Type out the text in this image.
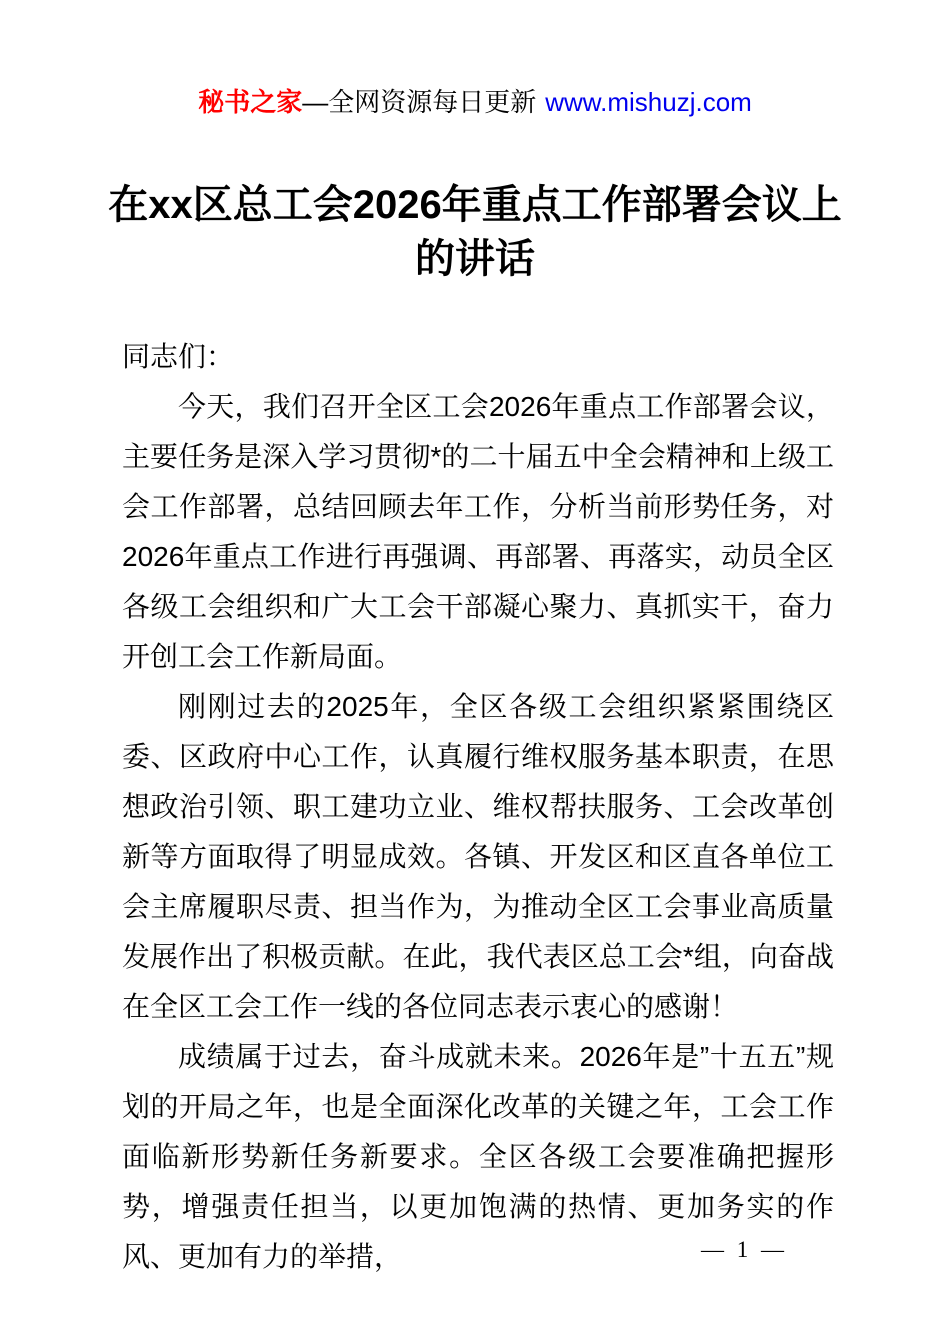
秘书之家—全网资源每日更新 www.mishuzj.com
在xx区总工会2026年重点工作部署会议上的讲话

同志们：

今天，我们召开全区工会2026年重点工作部署会议，主要任务是深入学习贯彻*的二十届五中全会精神和上级工会工作部署，总结回顾去年工作，分析当前形势任务，对2026年重点工作进行再强调、再部署、再落实，动员全区各级工会组织和广大工会干部凝心聚力、真抓实干，奋力开创工会工作新局面。

刚刚过去的2025年，全区各级工会组织紧紧围绕区委、区政府中心工作，认真履行维权服务基本职责，在思想政治引领、职工建功立业、维权帮扶服务、工会改革创新等方面取得了明显成效。各镇、开发区和区直各单位工会主席履职尽责、担当作为，为推动全区工会事业高质量发展作出了积极贡献。在此，我代表区总工会*组，向奋战在全区工会工作一线的各位同志表示衷心的感谢！

成绩属于过去，奋斗成就未来。2026年是”十五五”规划的开局之年，也是全面深化改革的关键之年，工会工作面临新形势新任务新要求。全区各级工会要准确把握形势，增强责任担当，以更加饱满的热情、更加务实的作风、更加有力的举措，	— 1 —
